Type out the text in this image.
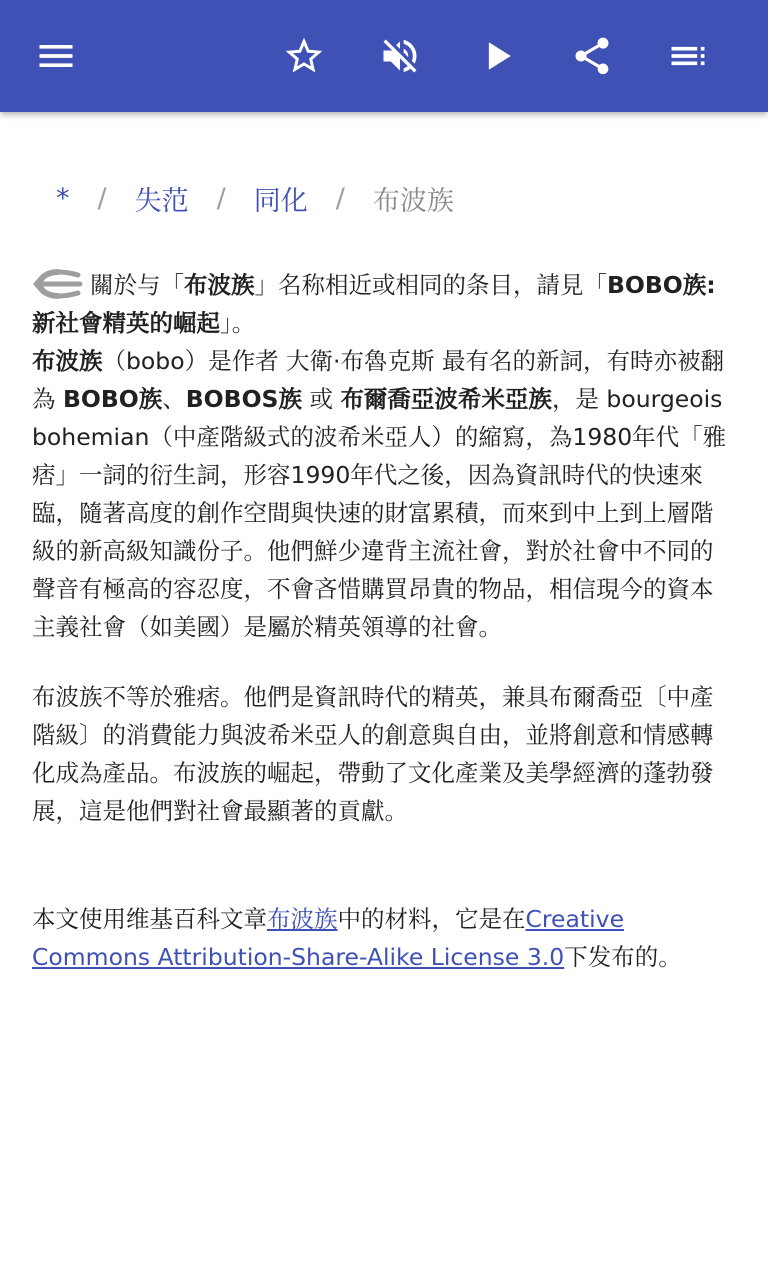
* / 失范 / 同化 / 布波族

關於与「布波族」名称相近或相同的条目，請見「BOBO族:新社會精英的崛起」。

布波族（bobo）是作者 大衛·布魯克斯 最有名的新詞，有時亦被翻為 BOBO族、BOBOS族 或 布爾喬亞波希米亞族，是 bourgeois bohemian（中產階級式的波希米亞人）的縮寫，為1980年代「雅痞」一詞的衍生詞，形容1990年代之後，因為資訊時代的快速來臨，隨著高度的創作空間與快速的財富累積，而來到中上到上層階級的新高級知識份子。他們鮮少違背主流社會，對於社會中不同的聲音有極高的容忍度，不會吝惜購買昂貴的物品，相信現今的資本主義社會（如美國）是屬於精英領導的社會。

布波族不等於雅痞。他們是資訊時代的精英，兼具布爾喬亞〔中產階級〕的消費能力與波希米亞人的創意與自由，並將創意和情感轉化成為產品。布波族的崛起，帶動了文化產業及美學經濟的蓬勃發展，這是他們對社會最顯著的貢獻。

本文使用维基百科文章布波族中的材料，它是在Creative Commons Attribution-Share-Alike License 3.0下发布的。
